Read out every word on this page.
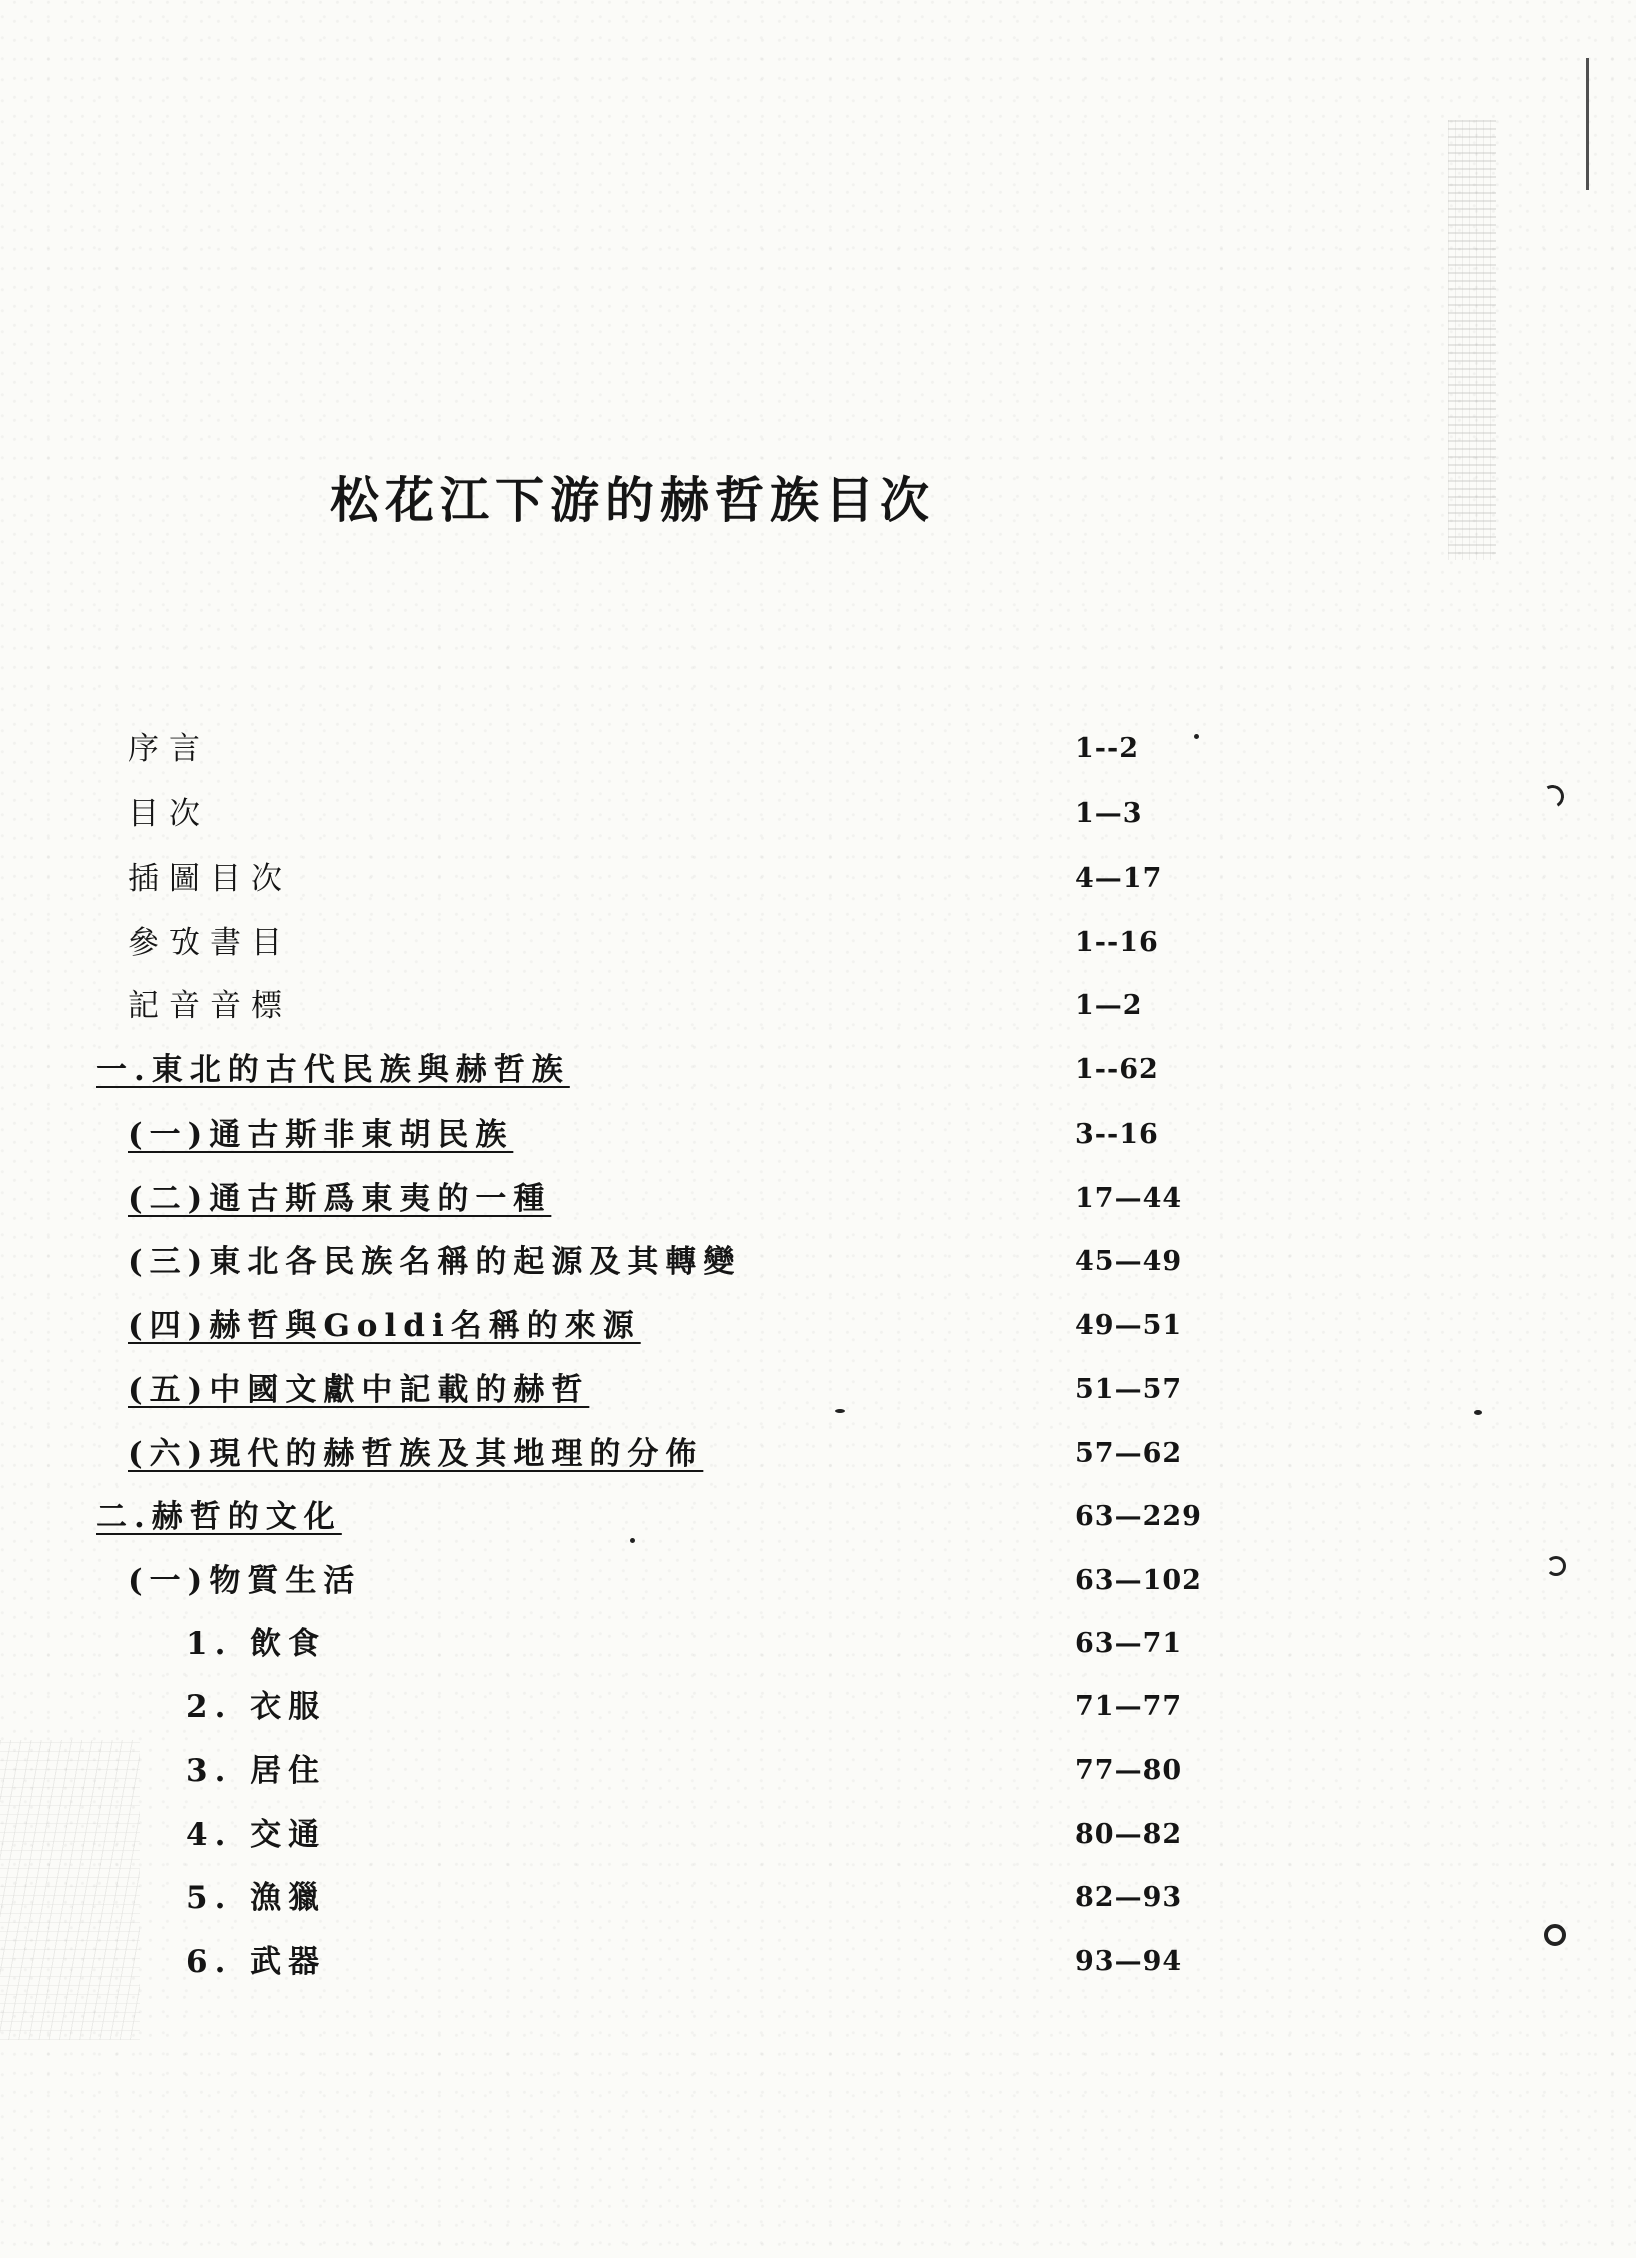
松花江下游的赫哲族目次
序言	1--2
目次	1—3
插圖目次	4—17
參攷書目	1--16
記音音標	1—2
一.東北的古代民族與赫哲族	1--62
(一)通古斯非東胡民族	3--16
(二)通古斯爲東夷的一種	17—44
(三)東北各民族名稱的起源及其轉變	45—49
(四)赫哲與Goldi名稱的來源	49—51
(五)中國文獻中記載的赫哲	51—57
(六)現代的赫哲族及其地理的分佈	57—62
二.赫哲的文化	63—229
(一)物質生活	63—102
1. 飲食	63—71
2. 衣服	71—77
3. 居住	77—80
4. 交通	80—82
5. 漁獵	82—93
6. 武器	93—94
